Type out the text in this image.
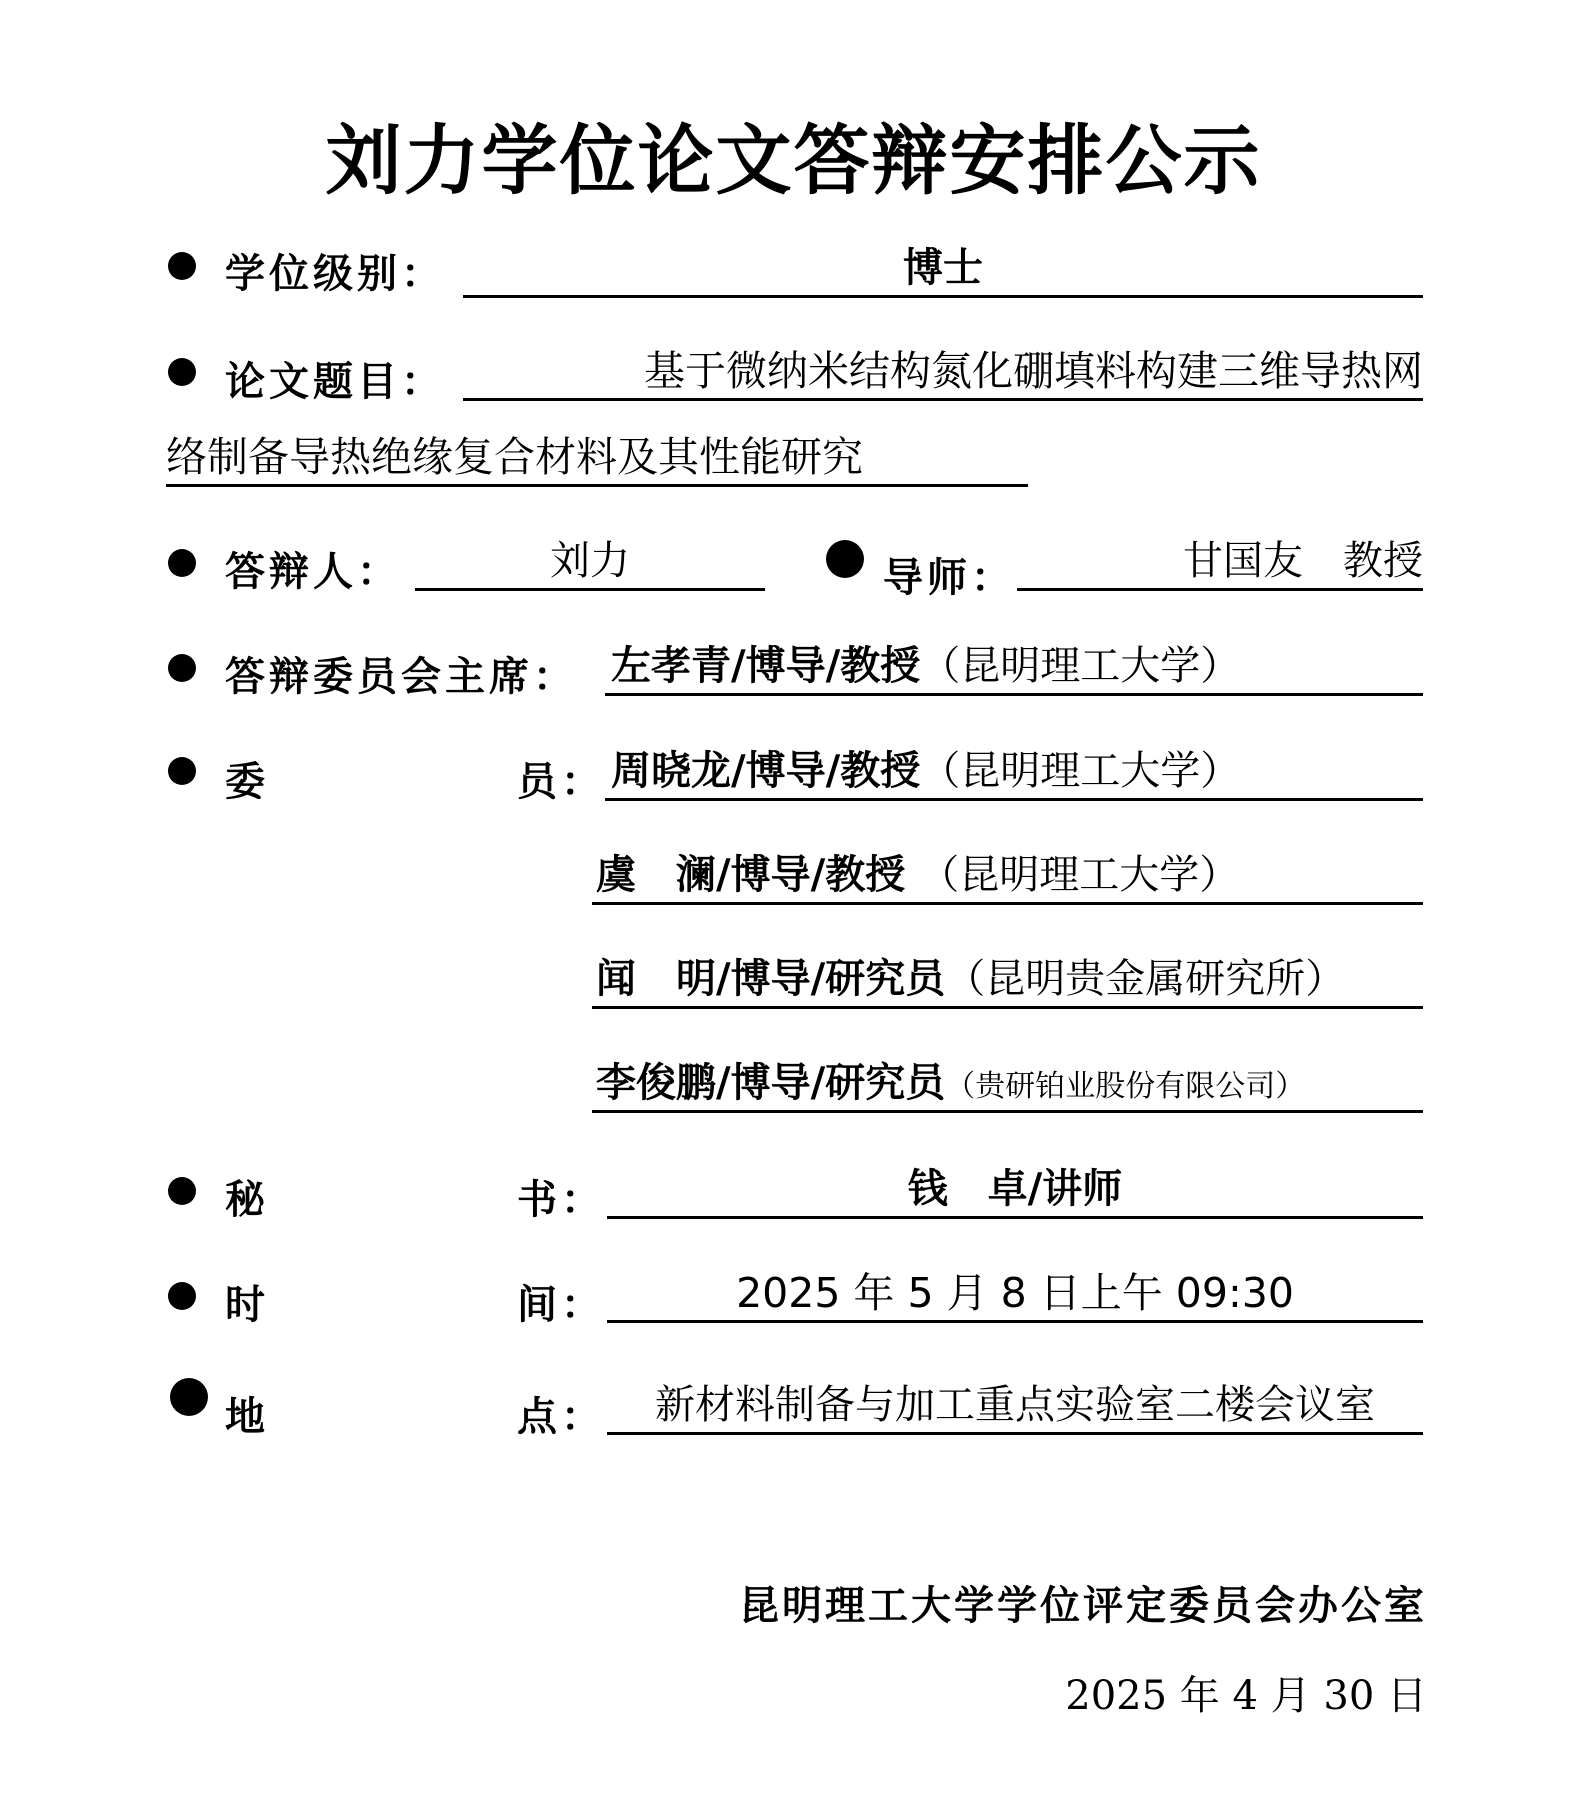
刘力学位论文答辩安排公示
学位级别：	博士
论文题目：	基于微纳米结构氮化硼填料构建三维导热网
络制备导热绝缘复合材料及其性能研究
答辩人：	刘力	导师：	甘国友　教授
答辩委员会主席： 左孝青/博导/教授（昆明理工大学）
委	员： 周晓龙/博导/教授（昆明理工大学）
虞　澜/博导/教授 （昆明理工大学）
闻　明/博导/研究员（昆明贵金属研究所）
李俊鹏/博导/研究员（贵研铂业股份有限公司）
秘	书：	钱　卓/讲师
时	间：	2025 年 5 月 8 日上午 09:30
地	点：	新材料制备与加工重点实验室二楼会议室
昆明理工大学学位评定委员会办公室
2025 年 4 月 30 日
